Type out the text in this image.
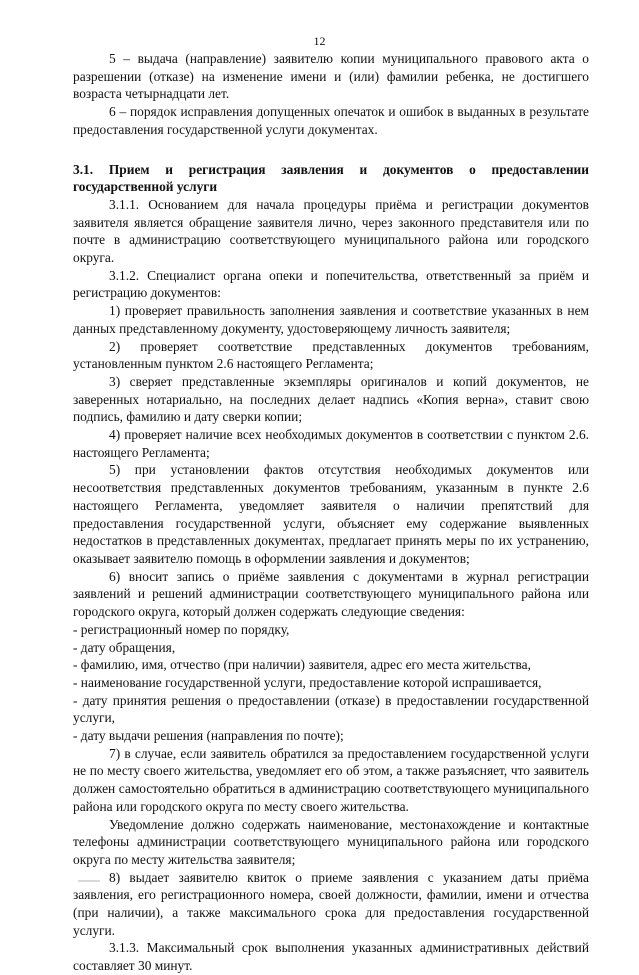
12

5 – выдача (направление) заявителю копии муниципального правового акта о разрешении (отказе) на изменение имени и (или) фамилии ребенка, не достигшего возраста четырнадцати лет.

6 – порядок исправления допущенных опечаток и ошибок в выданных в результате предоставления государственной услуги документах.

3.1. Прием и регистрация заявления и документов о предоставлении государственной услуги

3.1.1. Основанием для начала процедуры приёма и регистрации документов заявителя является обращение заявителя лично, через законного представителя или по почте в администрацию соответствующего муниципального района или городского округа.

3.1.2. Специалист органа опеки и попечительства, ответственный за приём и регистрацию документов:

1) проверяет правильность заполнения заявления и соответствие указанных в нем данных представленному документу, удостоверяющему личность заявителя;

2) проверяет соответствие представленных документов требованиям, установленным пунктом 2.6 настоящего Регламента;

3) сверяет представленные экземпляры оригиналов и копий документов, не заверенных нотариально, на последних делает надпись «Копия верна», ставит свою подпись, фамилию и дату сверки копии;

4) проверяет наличие всех необходимых документов в соответствии с пунктом 2.6. настоящего Регламента;

5) при установлении фактов отсутствия необходимых документов или несоответствия представленных документов требованиям, указанным в пункте 2.6 настоящего Регламента, уведомляет заявителя о наличии препятствий для предоставления государственной услуги, объясняет ему содержание выявленных недостатков в представленных документах, предлагает принять меры по их устранению, оказывает заявителю помощь в оформлении заявления и документов;

6) вносит запись о приёме заявления с документами в журнал регистрации заявлений и решений администрации соответствующего муниципального района или городского округа, который должен содержать следующие сведения:

- регистрационный номер по порядку,

- дату обращения,

- фамилию, имя, отчество (при наличии) заявителя, адрес его места жительства,

- наименование государственной услуги, предоставление которой испрашивается,

- дату принятия решения о предоставлении (отказе) в предоставлении государственной услуги,

- дату выдачи решения (направления по почте);

7) в случае, если заявитель обратился за предоставлением государственной услуги не по месту своего жительства, уведомляет его об этом, а также разъясняет, что заявитель должен самостоятельно обратиться в администрацию соответствующего муниципального района или городского округа по месту своего жительства.

Уведомление должно содержать наименование, местонахождение и контактные телефоны администрации соответствующего муниципального района или городского округа по месту жительства заявителя;

8) выдает заявителю квиток о приеме заявления с указанием даты приёма заявления, его регистрационного номера, своей должности, фамилии, имени и отчества (при наличии), а также максимального срока для предоставления государственной услуги.

3.1.3. Максимальный срок выполнения указанных административных действий составляет 30 минут.
